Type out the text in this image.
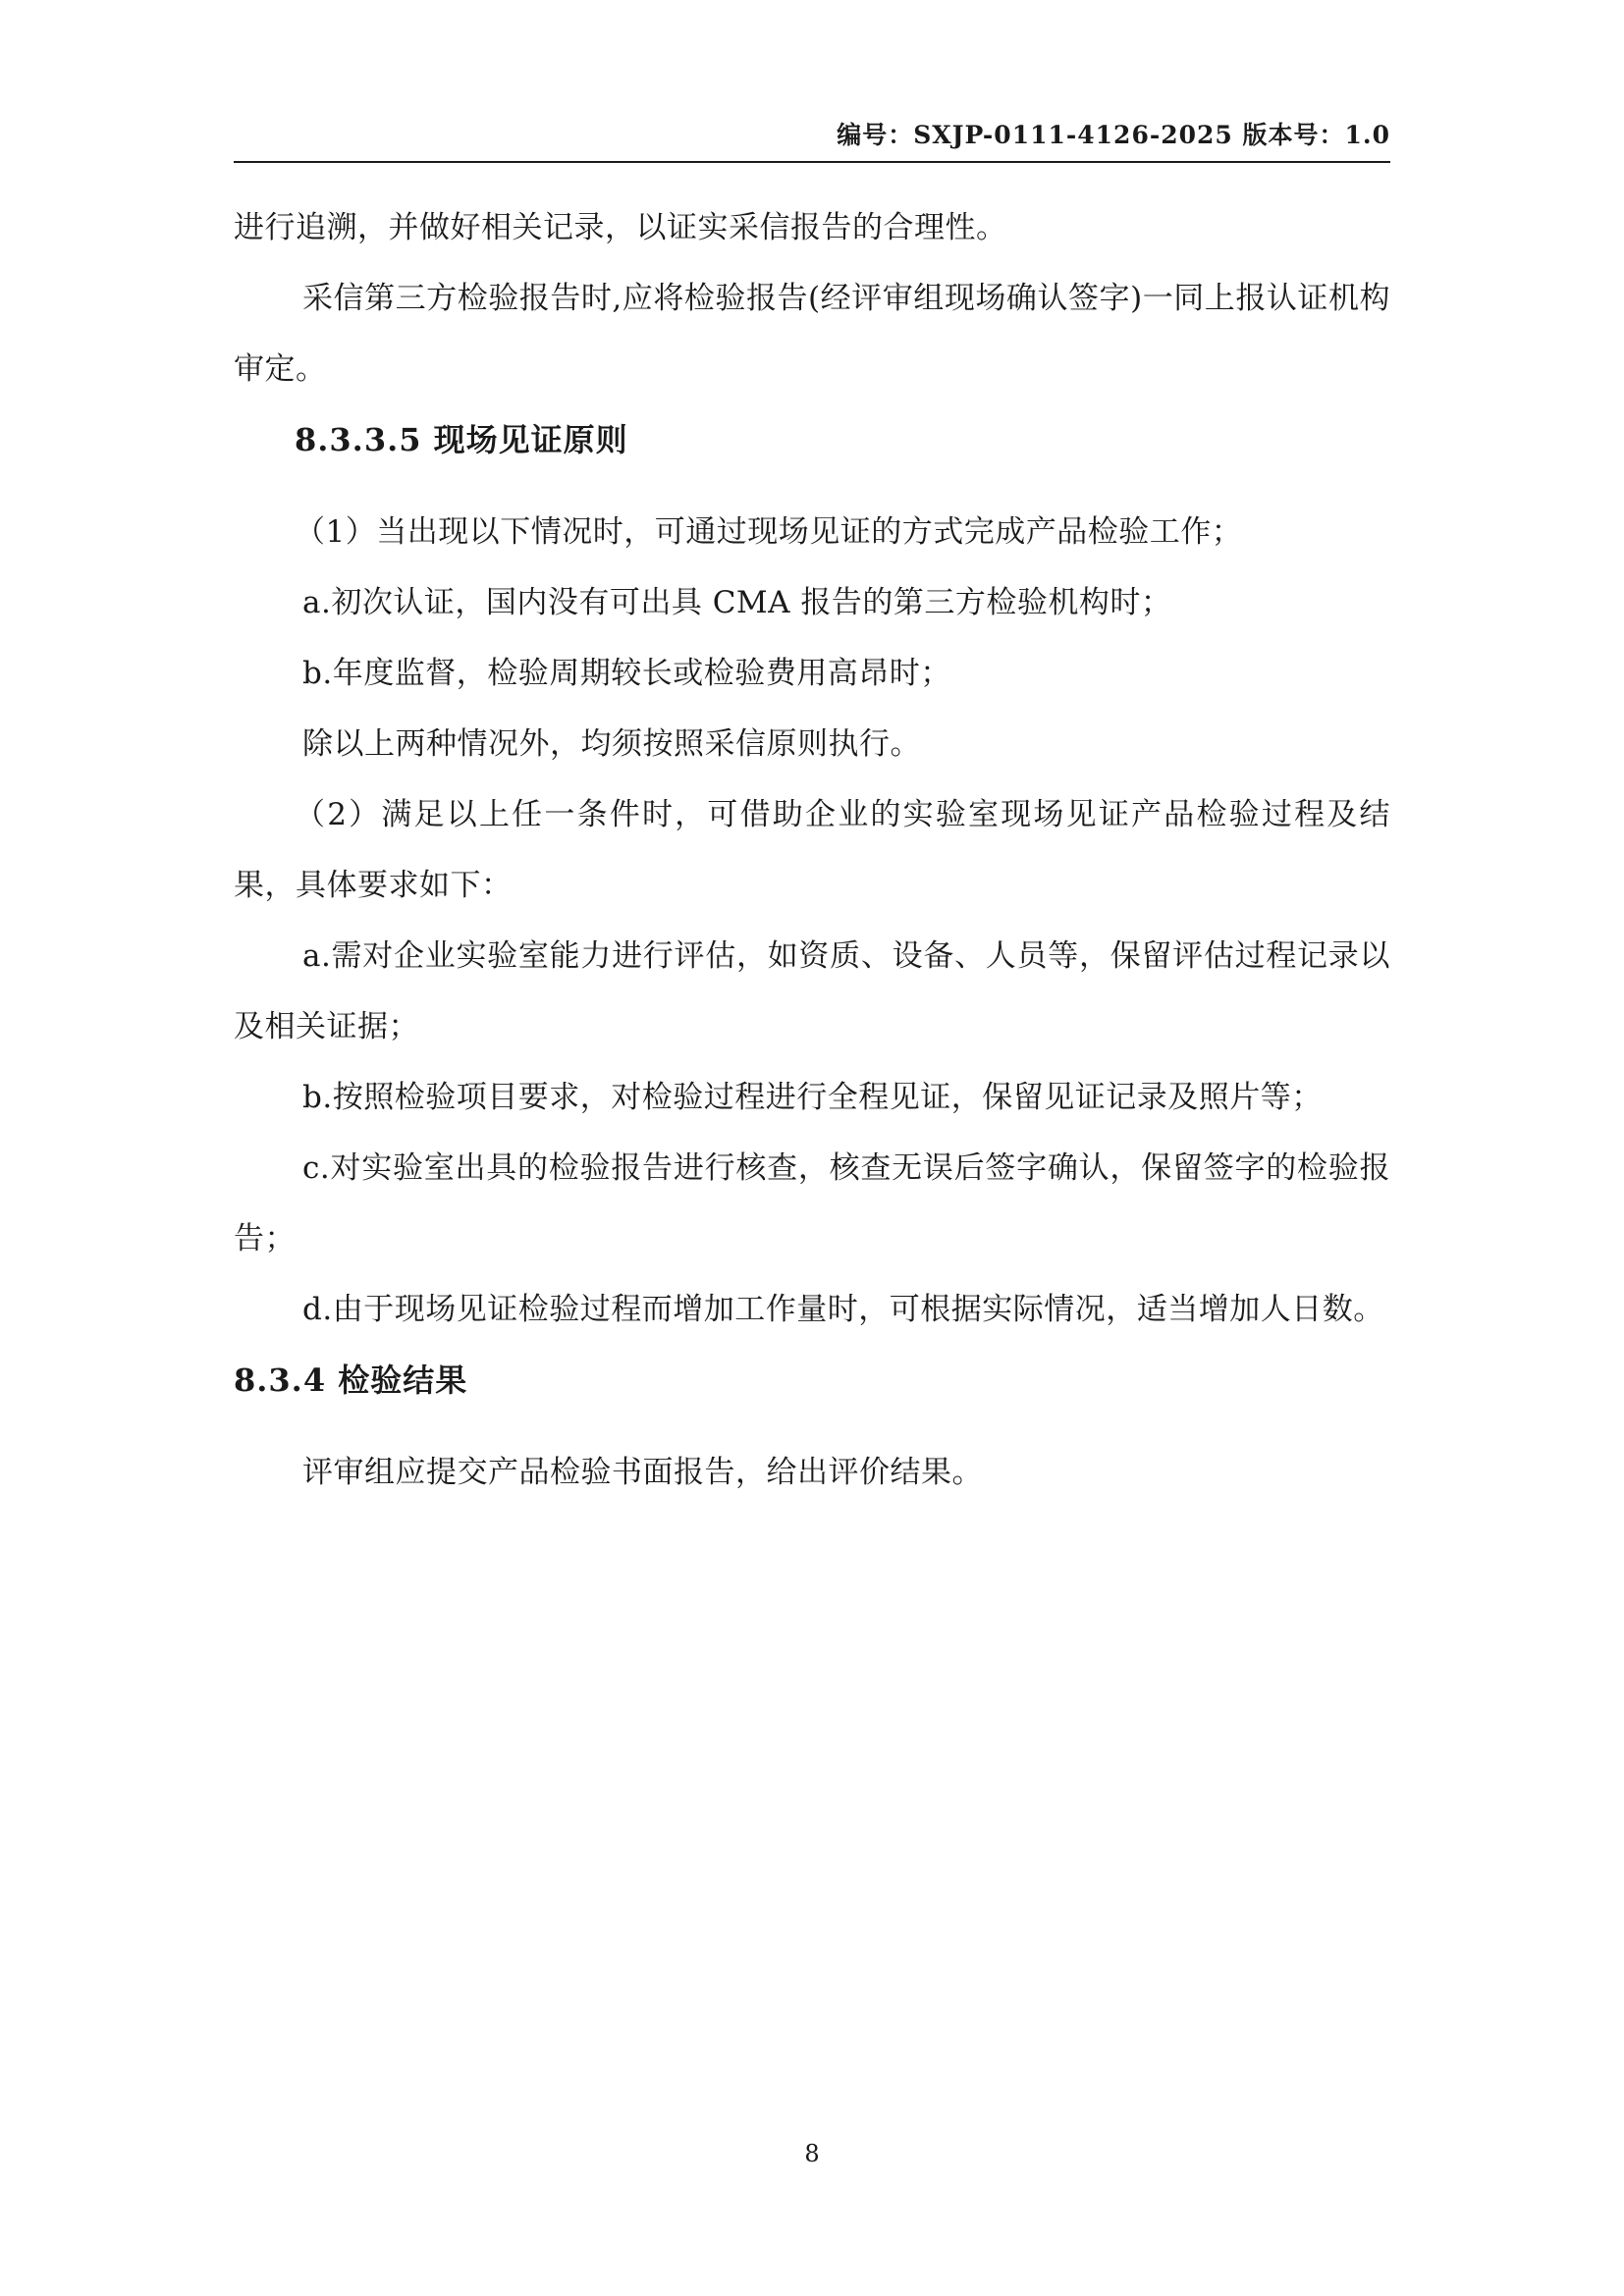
编号：SXJP-0111-4126-2025 版本号：1.0

进行追溯，并做好相关记录，以证实采信报告的合理性。

采信第三方检验报告时,应将检验报告(经评审组现场确认签字)一同上报认证机构审定。

8.3.3.5 现场见证原则

（1）当出现以下情况时，可通过现场见证的方式完成产品检验工作；

a.初次认证，国内没有可出具 CMA 报告的第三方检验机构时；

b.年度监督，检验周期较长或检验费用高昂时；

除以上两种情况外，均须按照采信原则执行。

（2）满足以上任一条件时，可借助企业的实验室现场见证产品检验过程及结果，具体要求如下：

a.需对企业实验室能力进行评估，如资质、设备、人员等，保留评估过程记录以及相关证据；

b.按照检验项目要求，对检验过程进行全程见证，保留见证记录及照片等；

c.对实验室出具的检验报告进行核查，核查无误后签字确认，保留签字的检验报告；

d.由于现场见证检验过程而增加工作量时，可根据实际情况，适当增加人日数。

8.3.4 检验结果

评审组应提交产品检验书面报告，给出评价结果。

8
